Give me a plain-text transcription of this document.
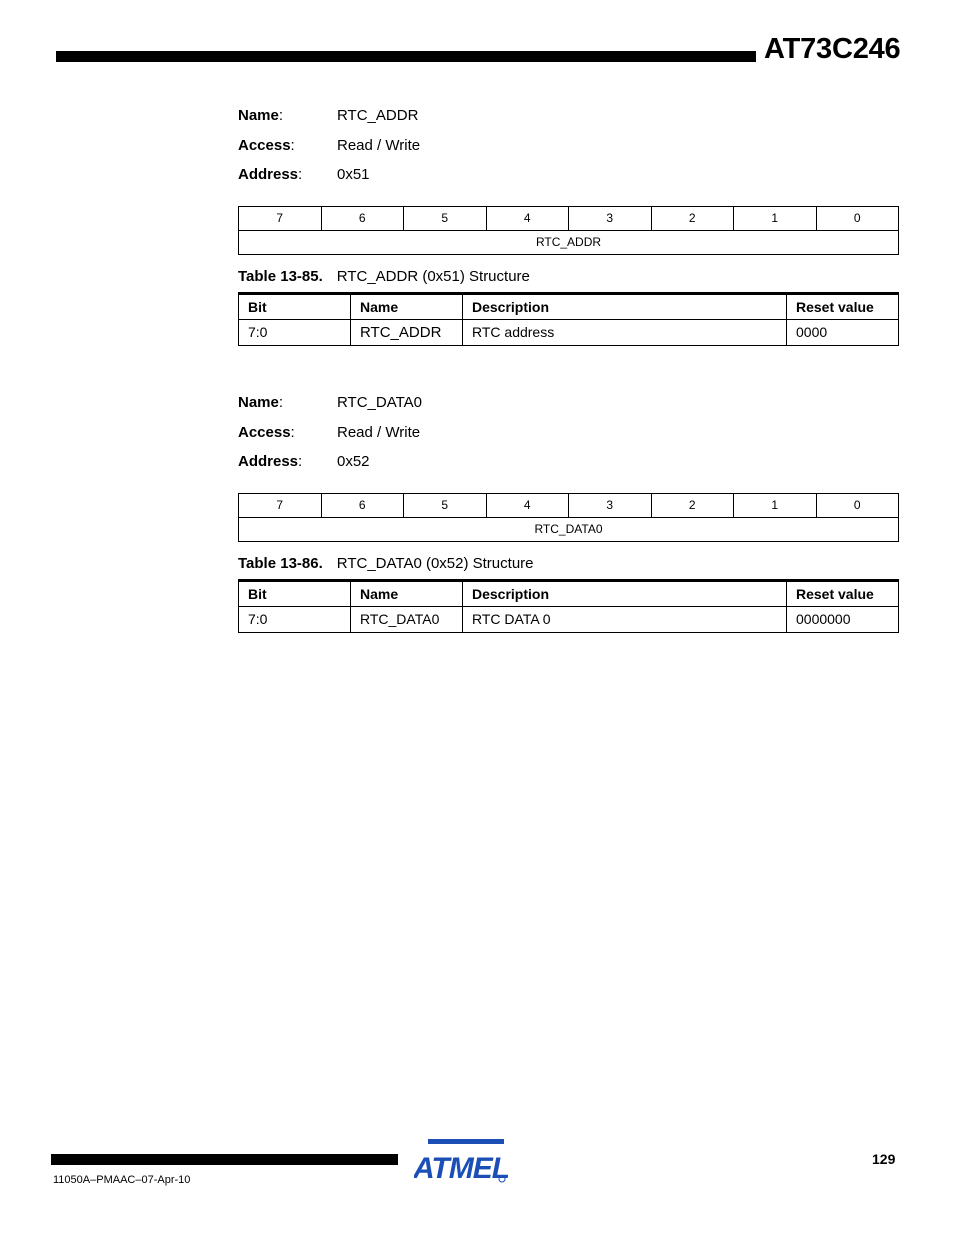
AT73C246
Name:	RTC_ADDR
Access:	Read / Write
Address: 0x51
7	6	5	4	3	2	1	0
RTC_ADDR
Table 13-85. RTC_ADDR (0x51) Structure
Bit	Name	Description	Reset value
7:0	RTC_ADDR	RTC address	0000
Name:	RTC_DATA0
Access:	Read / Write
Address: 0x52
7	6	5	4	3	2	1	0
RTC_DATA0
Table 13-86. RTC_DATA0 (0x52) Structure
Bit	Name	Description	Reset value
7:0	RTC_DATA0	RTC DATA 0	0000000
ATMEL	129
11050A–PMAAC–07-Apr-10
